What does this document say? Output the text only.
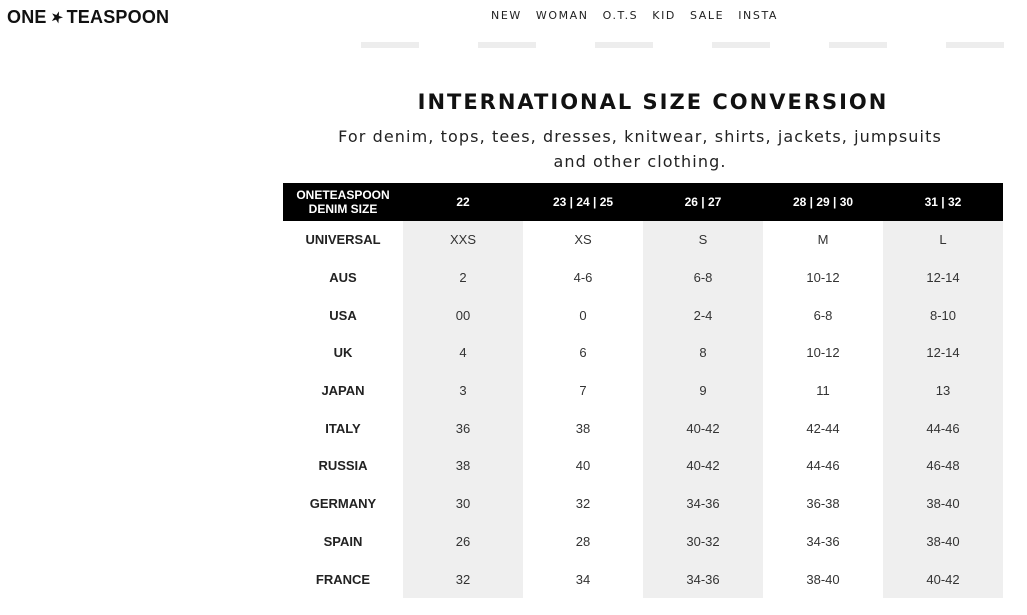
ONE TEASPOON	NEW WOMAN O.T.S KID SALE INSTA
INTERNATIONAL SIZE CONVERSION

For denim, tops, tees, dresses, knitwear, shirts, jackets, jumpsuits and other clothing.

ONETEASPOON
DENIM SIZE	22	23 | 24 | 25	26 | 27	28 | 29 | 30	31 | 32
UNIVERSAL	XXS	XS	S	M	L
AUS	2	4-6	6-8	10-12	12-14
USA	00	0	2-4	6-8	8-10
UK	4	6	8	10-12	12-14
JAPAN	3	7	9	11	13
ITALY	36	38	40-42	42-44	44-46
RUSSIA	38	40	40-42	44-46	46-48
GERMANY	30	32	34-36	36-38	38-40
SPAIN	26	28	30-32	34-36	38-40
FRANCE	32	34	34-36	38-40	40-42
